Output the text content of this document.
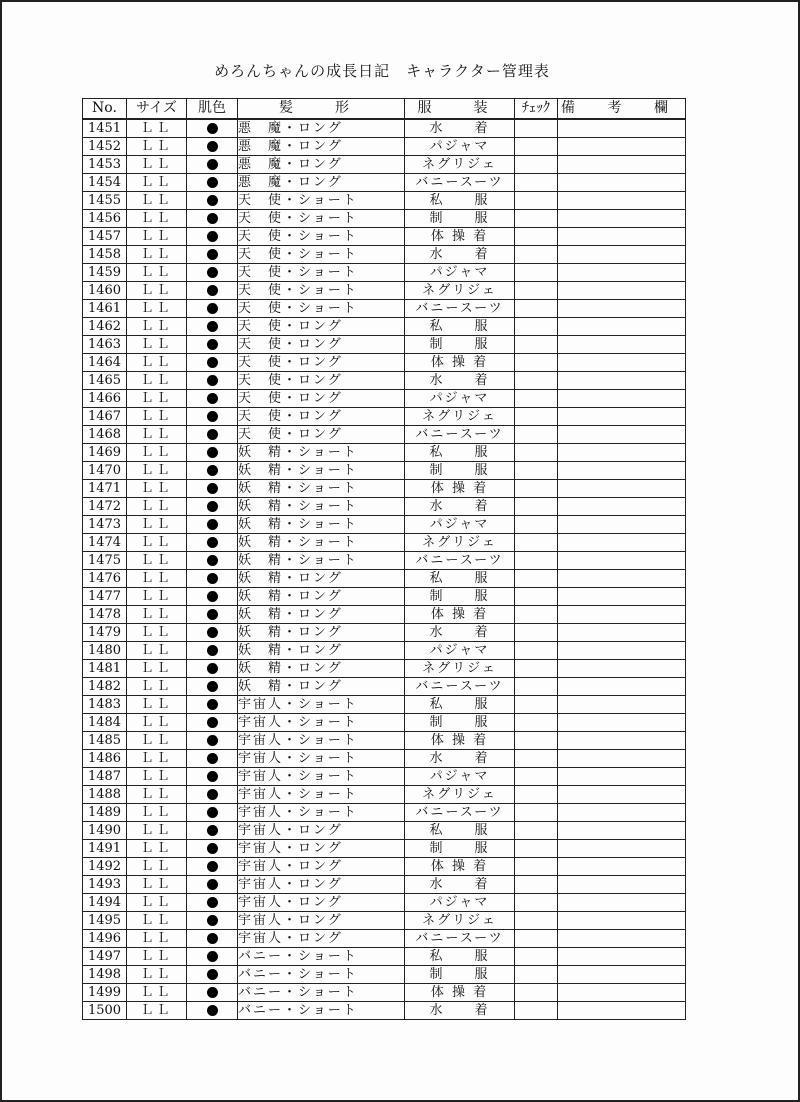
めろんちゃんの成長日記　キャラクター管理表
No.	サイズ	肌色	髪　形	服　装	ﾁｪｯｸ	備 考 欄
1451	ＬＬ		悪　魔・ロング	水　　着		
1452	ＬＬ		悪　魔・ロング	パジャマ		
1453	ＬＬ		悪　魔・ロング	ネグリジェ		
1454	ＬＬ		悪　魔・ロング	バニースーツ		
1455	ＬＬ		天　使・ショート	私　　服		
1456	ＬＬ		天　使・ショート	制　　服		
1457	ＬＬ		天　使・ショート	体 操 着		
1458	ＬＬ		天　使・ショート	水　　着		
1459	ＬＬ		天　使・ショート	パジャマ		
1460	ＬＬ		天　使・ショート	ネグリジェ		
1461	ＬＬ		天　使・ショート	バニースーツ		
1462	ＬＬ		天　使・ロング	私　　服		
1463	ＬＬ		天　使・ロング	制　　服		
1464	ＬＬ		天　使・ロング	体 操 着		
1465	ＬＬ		天　使・ロング	水　　着		
1466	ＬＬ		天　使・ロング	パジャマ		
1467	ＬＬ		天　使・ロング	ネグリジェ		
1468	ＬＬ		天　使・ロング	バニースーツ		
1469	ＬＬ		妖　精・ショート	私　　服		
1470	ＬＬ		妖　精・ショート	制　　服		
1471	ＬＬ		妖　精・ショート	体 操 着		
1472	ＬＬ		妖　精・ショート	水　　着		
1473	ＬＬ		妖　精・ショート	パジャマ		
1474	ＬＬ		妖　精・ショート	ネグリジェ		
1475	ＬＬ		妖　精・ショート	バニースーツ		
1476	ＬＬ		妖　精・ロング	私　　服		
1477	ＬＬ		妖　精・ロング	制　　服		
1478	ＬＬ		妖　精・ロング	体 操 着		
1479	ＬＬ		妖　精・ロング	水　　着		
1480	ＬＬ		妖　精・ロング	パジャマ		
1481	ＬＬ		妖　精・ロング	ネグリジェ		
1482	ＬＬ		妖　精・ロング	バニースーツ		
1483	ＬＬ		宇宙人・ショート	私　　服		
1484	ＬＬ		宇宙人・ショート	制　　服		
1485	ＬＬ		宇宙人・ショート	体 操 着		
1486	ＬＬ		宇宙人・ショート	水　　着		
1487	ＬＬ		宇宙人・ショート	パジャマ		
1488	ＬＬ		宇宙人・ショート	ネグリジェ		
1489	ＬＬ		宇宙人・ショート	バニースーツ		
1490	ＬＬ		宇宙人・ロング	私　　服		
1491	ＬＬ		宇宙人・ロング	制　　服		
1492	ＬＬ		宇宙人・ロング	体 操 着		
1493	ＬＬ		宇宙人・ロング	水　　着		
1494	ＬＬ		宇宙人・ロング	パジャマ		
1495	ＬＬ		宇宙人・ロング	ネグリジェ		
1496	ＬＬ		宇宙人・ロング	バニースーツ		
1497	ＬＬ		バニー・ショート	私　　服		
1498	ＬＬ		バニー・ショート	制　　服		
1499	ＬＬ		バニー・ショート	体 操 着		
1500	ＬＬ		バニー・ショート	水　　着		
